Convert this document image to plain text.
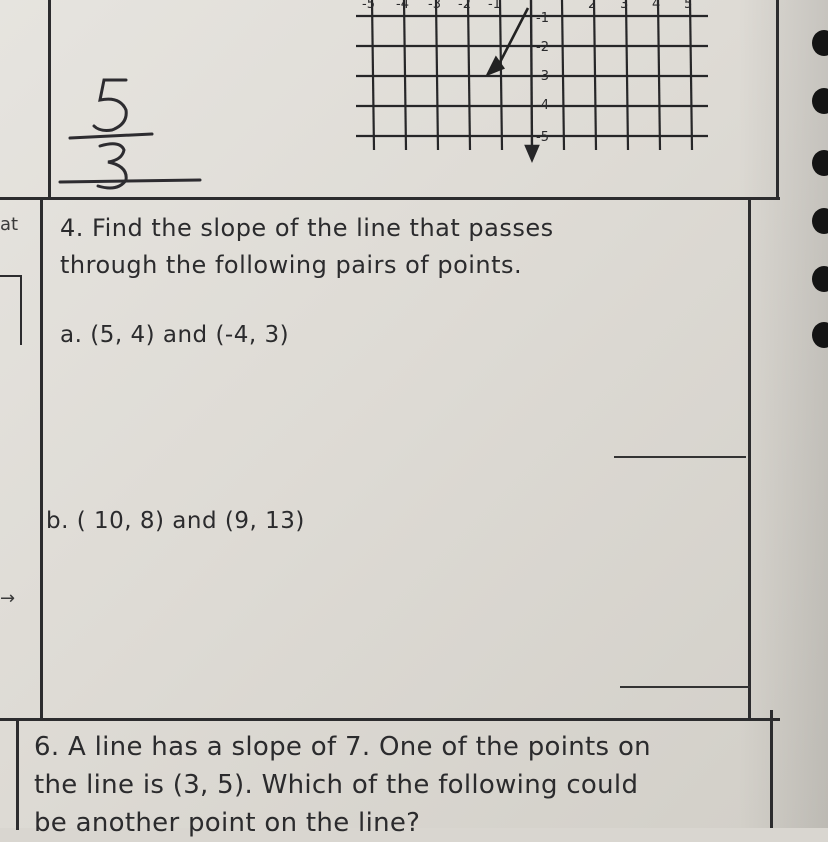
at
→
-5 -4 -3 -2 -1	2 3 4 5
-1
-2
-3
-4
-5
4. Find the slope of the line that passes
through the following pairs of points.
a. (5, 4) and (-4, 3)
b. ( 10, 8) and (9, 13)
6. A line has a slope of 7. One of the points on
the line is (3, 5). Which of the following could
be another point on the line?
